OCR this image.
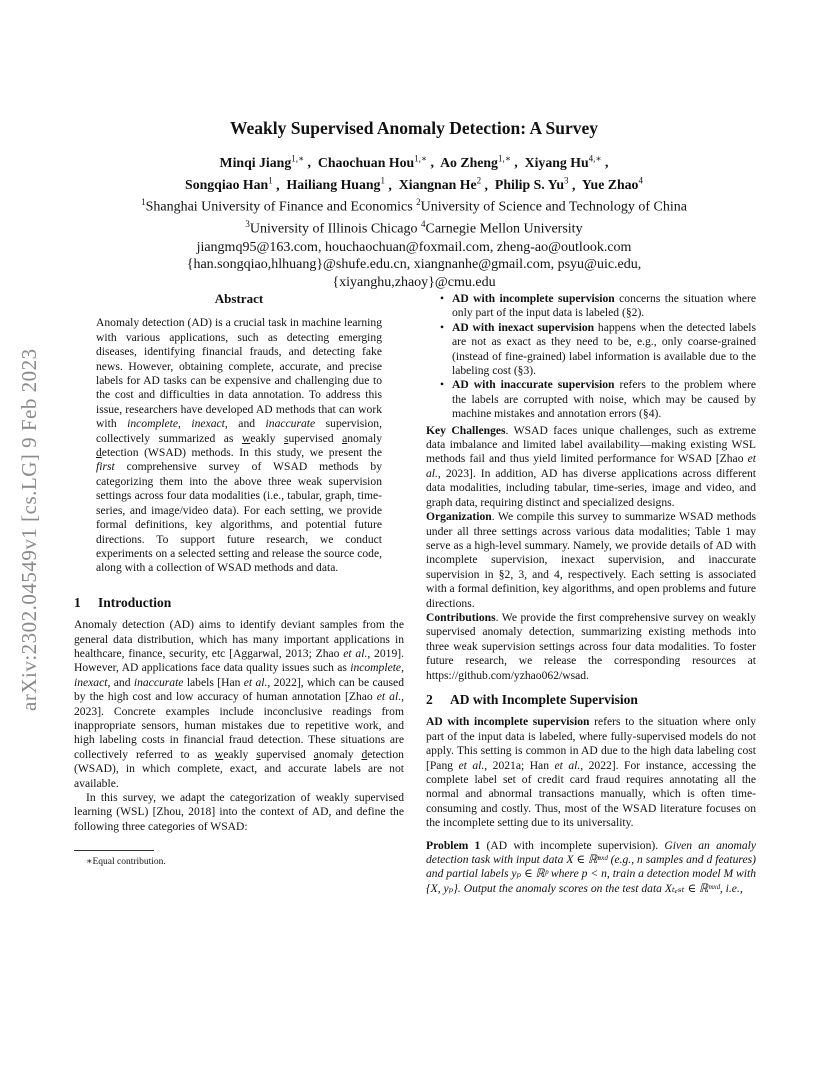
arXiv:2302.04549v1 [cs.LG] 9 Feb 2023
Weakly Supervised Anomaly Detection: A Survey
Minqi Jiang$^{1,∗}$ ,  Chaochuan Hou$^{1,∗}$ ,  Ao Zheng$^{1,∗}$ ,  Xiyang $Hu^{4,∗}$ ,
Songqiao Han$^1$ ,  Hailiang Huang$^1$ ,  Xiangnan He$^2$ ,  Philip S. Yu$^3$ ,  Yue Zhao$^4$
$^1$Shanghai University of Finance and Economics $^2$University of Science and Technology of China
$^3$University of Illinois Chicago $^4$Carnegie Mellon University
jiangmq95@163.com, houchaochuan@foxmail.com, zheng-ao@outlook.com
{han.songqiao,hlhuang}@shufe.edu.cn, xiangnanhe@gmail.com, psyu@uic.edu,
{xiyanghu,zhaoy}@cmu.edu
Abstract
Anomaly detection (AD) is a crucial task in machine learning with various applications, such as detecting emerging diseases, identifying financial frauds, and detecting fake news. However, obtaining complete, accurate, and precise labels for AD tasks can be expensive and challenging due to the cost and difficulties in data annotation. To address this issue, researchers have developed AD methods that can work with incomplete, inexact, and inaccurate supervision, collectively summarized as weakly supervised anomaly detection (WSAD) methods. In this study, we present the first comprehensive survey of WSAD methods by categorizing them into the above three weak supervision settings across four data modalities (i.e., tabular, graph, time-series, and image/video data). For each setting, we provide formal definitions, key algorithms, and potential future directions. To support future research, we conduct experiments on a selected setting and release the source code, along with a collection of WSAD methods and data.
1 Introduction

Anomaly detection (AD) aims to identify deviant samples from the general data distribution, which has many important applications in healthcare, finance, security, etc [Aggarwal, 2013; Zhao et al., 2019]. However, AD applications face data quality issues such as incomplete, inexact, and inaccurate labels [Han et al., 2022], which can be caused by the high cost and low accuracy of human annotation [Zhao et al., 2023]. Concrete examples include inconclusive readings from inappropriate sensors, human mistakes due to repetitive work, and high labeling costs in financial fraud detection. These situations are collectively referred to as weakly supervised anomaly detection (WSAD), in which complete, exact, and accurate labels are not available.

In this survey, we adapt the categorization of weakly supervised learning (WSL) [Zhou, 2018] into the context of AD, and define the following three categories of WSAD:

∗Equal contribution.
• AD with incomplete supervision concerns the situation where only part of the input data is labeled (§2).
• AD with inexact supervision happens when the detected labels are not as exact as they need to be, e.g., only coarse-grained (instead of fine-grained) label information is available due to the labeling cost (§3).
• AD with inaccurate supervision refers to the problem where the labels are corrupted with noise, which may be caused by machine mistakes and annotation errors (§4).

Key Challenges. WSAD faces unique challenges, such as extreme data imbalance and limited label availability—making existing WSL methods fail and thus yield limited performance for WSAD [Zhao et al., 2023]. In addition, AD has diverse applications across different data modalities, including tabular, time-series, image and video, and graph data, requiring distinct and specialized designs.

Organization. We compile this survey to summarize WSAD methods under all three settings across various data modalities; Table 1 may serve as a high-level summary. Namely, we provide details of AD with incomplete supervision, inexact supervision, and inaccurate supervision in §2, 3, and 4, respectively. Each setting is associated with a formal definition, key algorithms, and open problems and future directions.

Contributions. We provide the first comprehensive survey on weakly supervised anomaly detection, summarizing existing methods into three weak supervision settings across four data modalities. To foster future research, we release the corresponding resources at https://github.com/yzhao062/wsad.

2 AD with Incomplete Supervision

AD with incomplete supervision refers to the situation where only part of the input data is labeled, where fully-supervised models do not apply. This setting is common in AD due to the high data labeling cost [Pang et al., 2021a; Han et al., 2022]. For instance, accessing the complete label set of credit card fraud requires annotating all the normal and abnormal transactions manually, which is often time-consuming and costly. Thus, most of the WSAD literature focuses on the incomplete setting due to its universality.

Problem 1 (AD with incomplete supervision). Given an anomaly detection task with input data X ∈ ℝⁿˣᵈ (e.g., n samples and d features) and partial labels yₚ ∈ ℝᵖ where p < n, train a detection model M with {X, yₚ}. Output the anomaly scores on the test data Xₜₑₛₜ ∈ ℝᵐˣᵈ, i.e.,
